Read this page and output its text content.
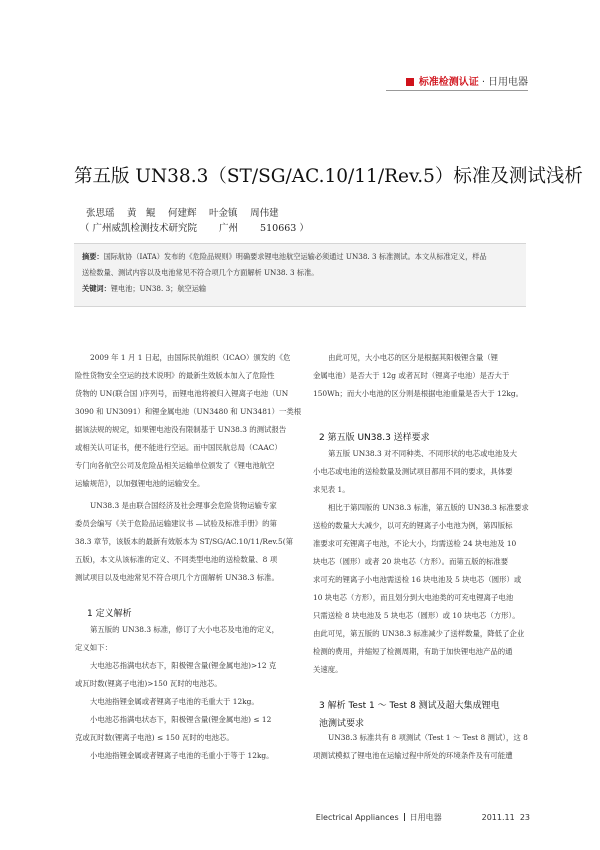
标准检测认证 · 日用电器
第五版 UN38.3（ST/SG/AC.10/11/Rev.5）标准及测试浅析
张思瑶　 黄　鲲　 何建辉　 叶金镇　 周伟建
（ 广州威凯检测技术研究院　　 广州　　 510663 ）
摘要：国际航协（IATA）发布的《危险品规则》明确要求锂电池航空运输必须通过 UN38. 3 标准测试。本文从标准定义，样品
送检数量、测试内容以及电池常见不符合项几个方面解析 UN38. 3 标准。
关键词：锂电池；UN38. 3；航空运输
2009 年 1 月 1 日起，由国际民航组织（ICAO）颁发的《危
险性货物安全空运的技术说明》的最新生效版本加入了危险性
货物的 UN(联合国 )序列号，而锂电池将被归入锂离子电池（UN
3090 和 UN3091）和锂金属电池（UN3480 和 UN3481）一类根
据该法规的规定，如果锂电池没有限制基于 UN38.3 的测试报告
或相关认可证书，便不能进行空运。而中国民航总局（CAAC）
专门向各航空公司及危险品相关运输单位颁发了《锂电池航空
运输规范》，以加强锂电池的运输安全。
UN38.3 是由联合国经济及社会理事会危险货物运输专家
委员会编写《关于危险品运输建议书 —试验及标准手册》的第
38.3 章节，该版本的最新有效版本为 ST/SG/AC.10/11/Rev.5(第
五版)，本文从该标准的定义、不同类型电池的送检数量、8 项
测试项目以及电池常见不符合项几个方面解析 UN38.3 标准。
1 定义解析
第五版的 UN38.3 标准，修订了大小电芯及电池的定义，
定义如下：
大电池芯指满电状态下，阳极锂含量(锂金属电池)>12 克
或瓦时数(锂离子电池)>150 瓦时的电池芯。
大电池指锂金属或者锂离子电池的毛重大于 12kg。
小电池芯指满电状态下，阳极锂含量(锂金属电池) ≤ 12
克或瓦时数(锂离子电池) ≤ 150 瓦时的电池芯。
小电池指锂金属或者锂离子电池的毛重小于等于 12kg。
由此可见，大小电芯的区分是根据其阳极锂含量（锂
金属电池）是否大于 12g 或者瓦时（锂离子电池）是否大于
150Wh；而大小电池的区分则是根据电池重量是否大于 12kg。
2 第五版 UN38.3 送样要求
第五版 UN38.3 对不同种类、不同形状的电芯或电池及大
小电芯或电池的送检数量及测试项目都用不同的要求，具体要
求见表 1。
相比于第四版的 UN38.3 标准，第五版的 UN38.3 标准要求
送检的数量大大减少，以可充的锂离子小电池为例，第四版标
准要求可充锂离子电池，不论大小，均需送检 24 块电池及 10
块电芯（圆形）或者 20 块电芯（方形）。而第五版的标准要
求可充的锂离子小电池需送检 16 块电池及 5 块电芯（圆形）或
10 块电芯（方形），而且划分到大电池类的可充电锂离子电池
只需送检 8 块电池及 5 块电芯（圆形）或 10 块电芯（方形）。
由此可见，第五版的 UN38.3 标准减少了送样数量，降低了企业
检测的费用，并缩短了检测周期，有助于加快锂电池产品的通
关速度。
3 解析 Test 1 ～ Test 8 测试及超大集成锂电
池测试要求
UN38.3 标准共有 8 项测试（Test 1 ～ Test 8 测试），这 8
项测试模拟了锂电池在运输过程中所处的环境条件及有可能遭
Electrical Appliances 日用电器	2011.11 23
